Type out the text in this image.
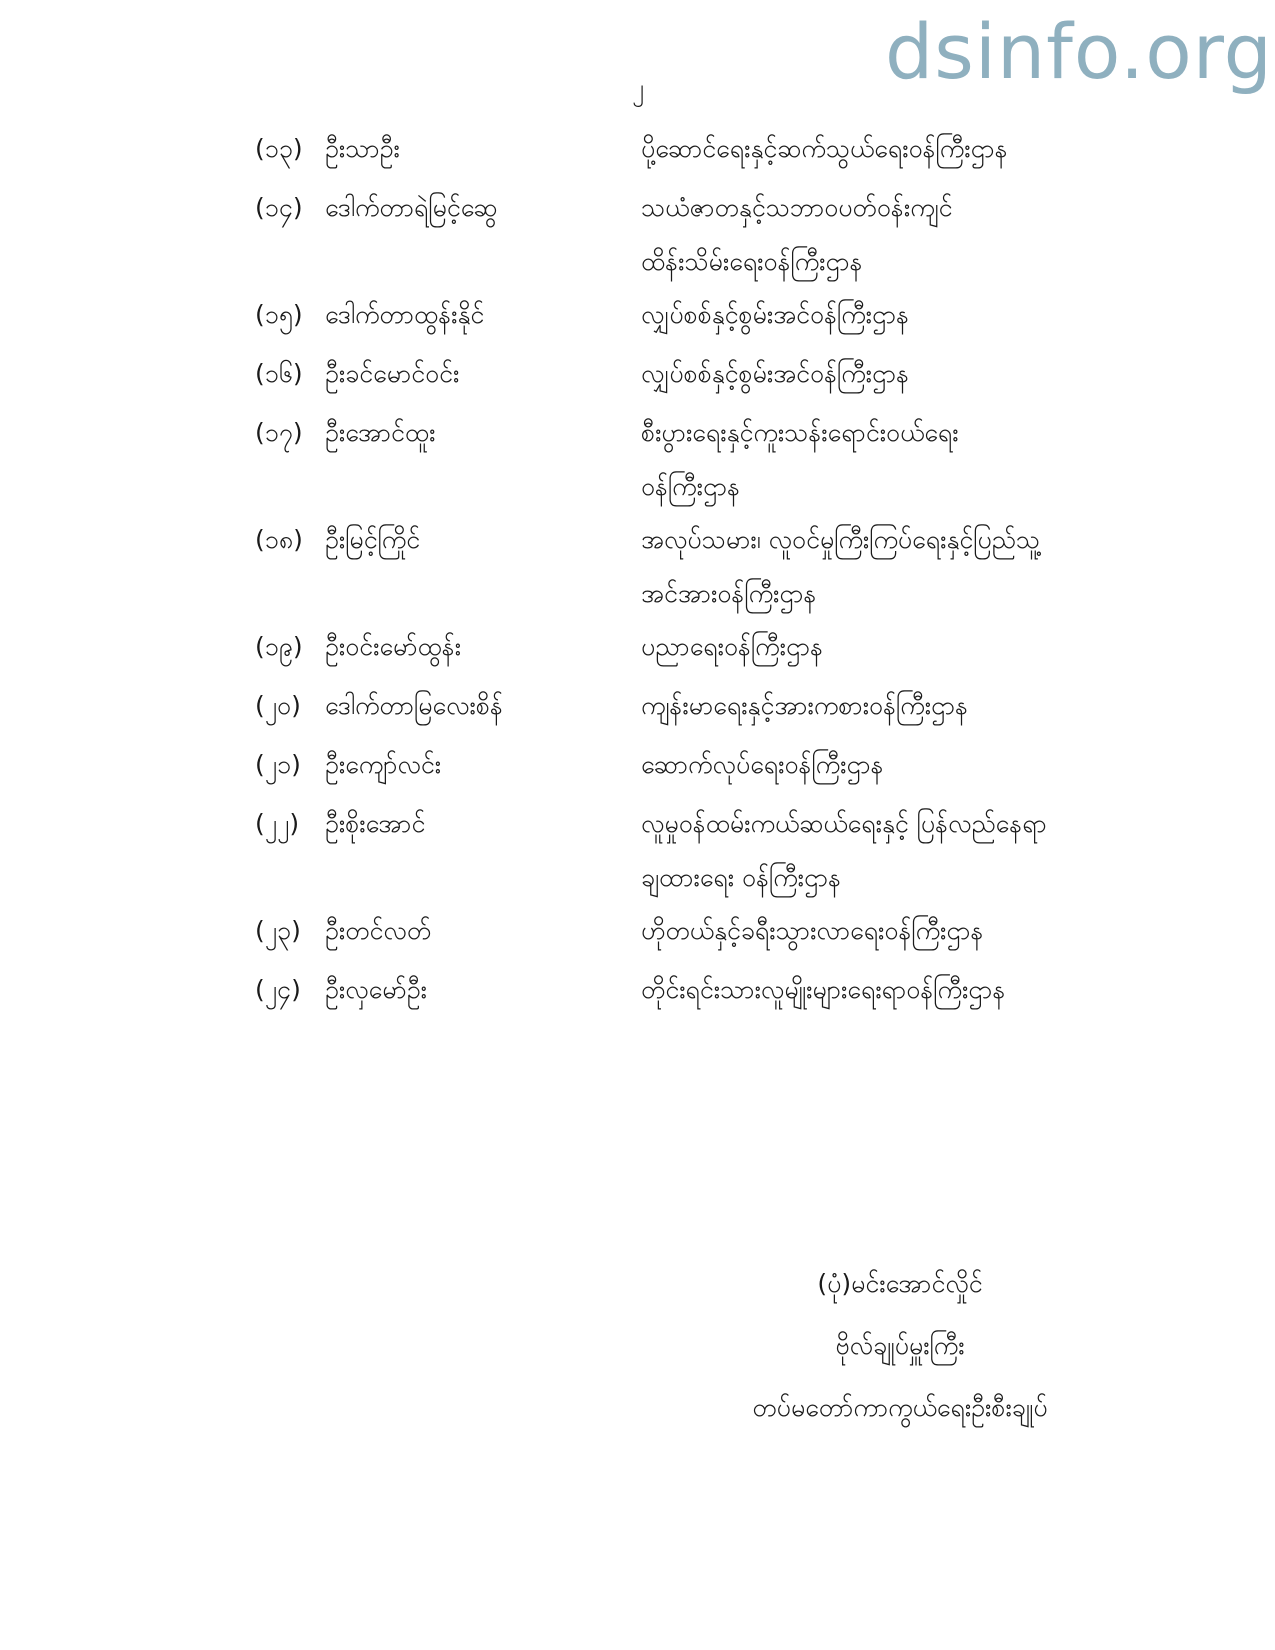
dsinfo.org
၂
(၁၃) ဦးသာဦး	ပို့ဆောင်ရေးနှင့်ဆက်သွယ်ရေးဝန်ကြီးဌာန
(၁၄) ဒေါက်တာရဲမြင့်ဆွေ	သယံဇာတနှင့်သဘာဝပတ်ဝန်းကျင်
ထိန်းသိမ်းရေးဝန်ကြီးဌာန
(၁၅) ဒေါက်တာထွန်းနိုင်	လျှပ်စစ်နှင့်စွမ်းအင်ဝန်ကြီးဌာန
(၁၆) ဦးခင်မောင်ဝင်း	လျှပ်စစ်နှင့်စွမ်းအင်ဝန်ကြီးဌာန
(၁၇) ဦးအောင်ထူး	စီးပွားရေးနှင့်ကူးသန်းရောင်းဝယ်ရေး
ဝန်ကြီးဌာန
(၁၈) ဦးမြင့်ကြိုင်	အလုပ်သမား၊ လူဝင်မှုကြီးကြပ်ရေးနှင့်ပြည်သူ့
အင်အားဝန်ကြီးဌာန
(၁၉) ဦးဝင်းမော်ထွန်း	ပညာရေးဝန်ကြီးဌာန
(၂၀) ဒေါက်တာမြလေးစိန်	ကျန်းမာရေးနှင့်အားကစားဝန်ကြီးဌာန
(၂၁) ဦးကျော်လင်း	ဆောက်လုပ်ရေးဝန်ကြီးဌာန
(၂၂)	ဦးစိုးအောင်	လူမှုဝန်ထမ်းကယ်ဆယ်ရေးနှင့် ပြန်လည်နေရာ
ချထားရေး ဝန်ကြီးဌာန
(၂၃) ဦးတင်လတ်	ဟိုတယ်နှင့်ခရီးသွားလာရေးဝန်ကြီးဌာန
(၂၄) ဦးလှမော်ဦး	တိုင်းရင်းသားလူမျိုးများရေးရာဝန်ကြီးဌာန
(ပုံ)မင်းအောင်လှိုင်
ဗိုလ်ချုပ်မှူးကြီး
တပ်မတော်ကာကွယ်ရေးဦးစီးချုပ်
